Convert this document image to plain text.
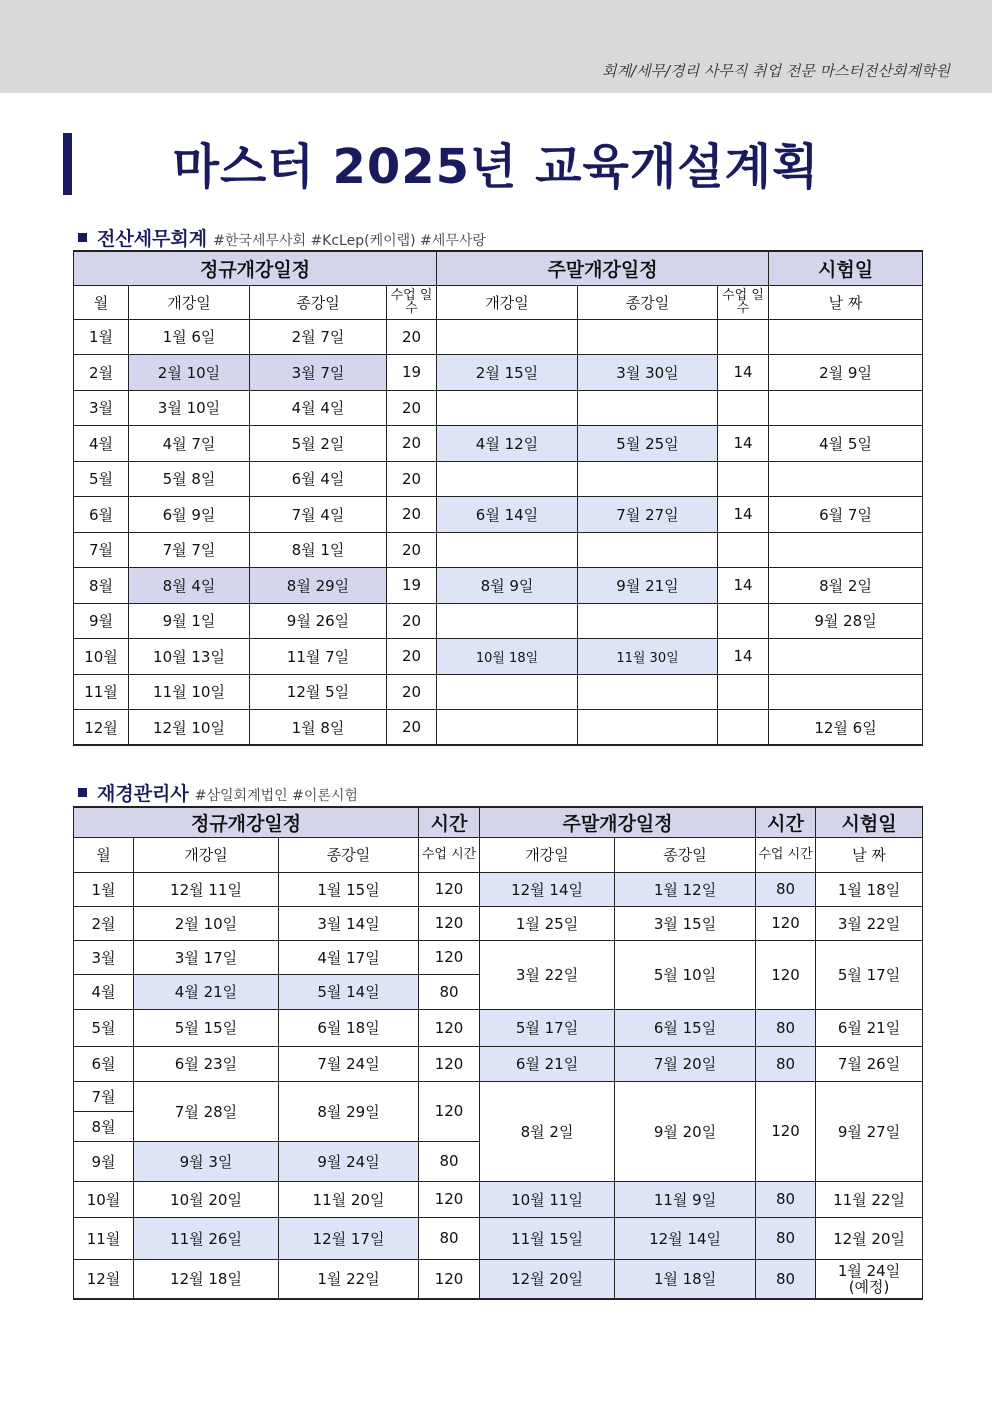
회계/세무/경리 사무직 취업 전문 마스터전산회계학원
마스터 2025년 교육개설계획
전산세무회계 #한국세무사회 #KcLep(케이랩) #세무사랑
정규개강일정				주말개강일정			시험일
월	개강일	종강일	수업 일수	개강일	종강일	수업 일수	날 짜
1월	1월 6일	2월 7일	20				
2월	2월 10일	3월 7일	19	2월 15일	3월 30일	14	2월 9일
3월	3월 10일	4월 4일	20				
4월	4월 7일	5월 2일	20	4월 12일	5월 25일	14	4월 5일
5월	5월 8일	6월 4일	20				
6월	6월 9일	7월 4일	20	6월 14일	7월 27일	14	6월 7일
7월	7월 7일	8월 1일	20				
8월	8월 4일	8월 29일	19	8월 9일	9월 21일	14	8월 2일
9월	9월 1일	9월 26일	20				9월 28일
10월	10월 13일	11월 7일	20	10월 18일	11월 30일	14	
11월	11월 10일	12월 5일	20				
12월	12월 10일	1월 8일	20				12월 6일
재경관리사 #삼일회계법인 #이론시험
정규개강일정			시간	주말개강일정		시간	시험일
월	개강일	종강일	수업 시간	개강일	종강일	수업 시간	날 짜
1월	12월 11일	1월 15일	120	12월 14일	1월 12일	80	1월 18일
2월	2월 10일	3월 14일	120	1월 25일	3월 15일	120	3월 22일
3월	3월 17일	4월 17일	120	3월 22일	5월 10일	120	5월 17일
4월	4월 21일	5월 14일	80				
5월	5월 15일	6월 18일	120	5월 17일	6월 15일	80	6월 21일
6월	6월 23일	7월 24일	120	6월 21일	7월 20일	80	7월 26일
7월	7월 28일	8월 29일	120	8월 2일	9월 20일	120	9월 27일
8월							
9월	9월 3일	9월 24일	80				
10월	10월 20일	11월 20일	120	10월 11일	11월 9일	80	11월 22일
11월	11월 26일	12월 17일	80	11월 15일	12월 14일	80	12월 20일
12월	12월 18일	1월 22일	120	12월 20일	1월 18일	80	1월 24일
(예정)
